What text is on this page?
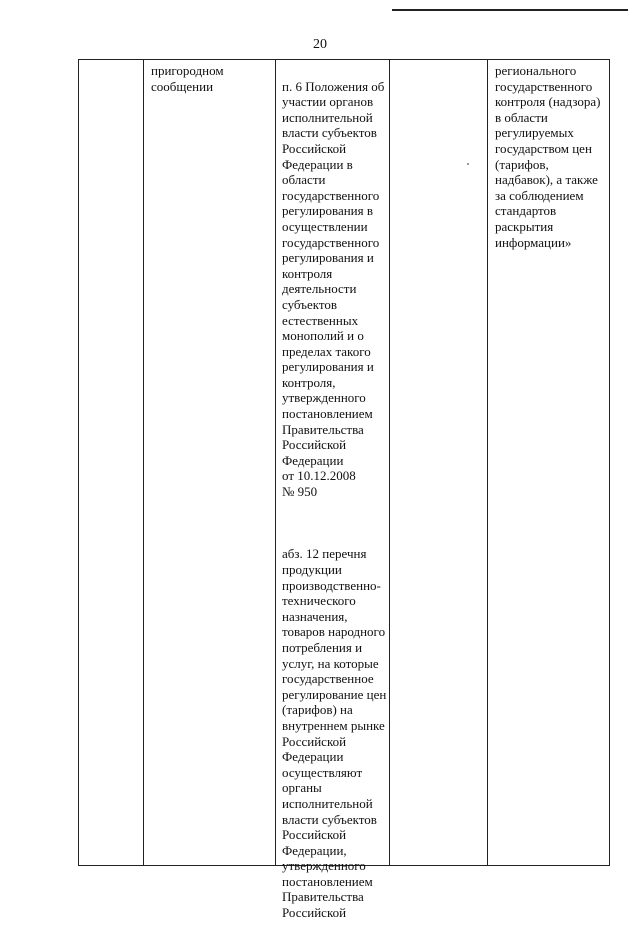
20
пригородном
сообщении	п. 6 Положения об
участии органов
исполнительной
власти субъектов
Российской
Федерации в
области
государственного
регулирования в
осуществлении
государственного
регулирования и
контроля
деятельности
субъектов
естественных
монополий и о
пределах такого
регулирования и
контроля,
утвержденного
постановлением
Правительства
Российской
Федерации
от 10.12.2008
№ 950

абз. 12 перечня
продукции
производственно-
технического
назначения,
товаров народного
потребления и
услуг, на которые
государственное
регулирование цен
(тарифов) на
внутреннем рынке
Российской
Федерации
осуществляют
органы
исполнительной
власти субъектов
Российской
Федерации,
утвержденного
постановлением
Правительства
Российской

регионального
государственного
контроля (надзора)
в области
регулируемых
государством цен
(тарифов,
надбавок), а также
за соблюдением
стандартов
раскрытия
информации»
